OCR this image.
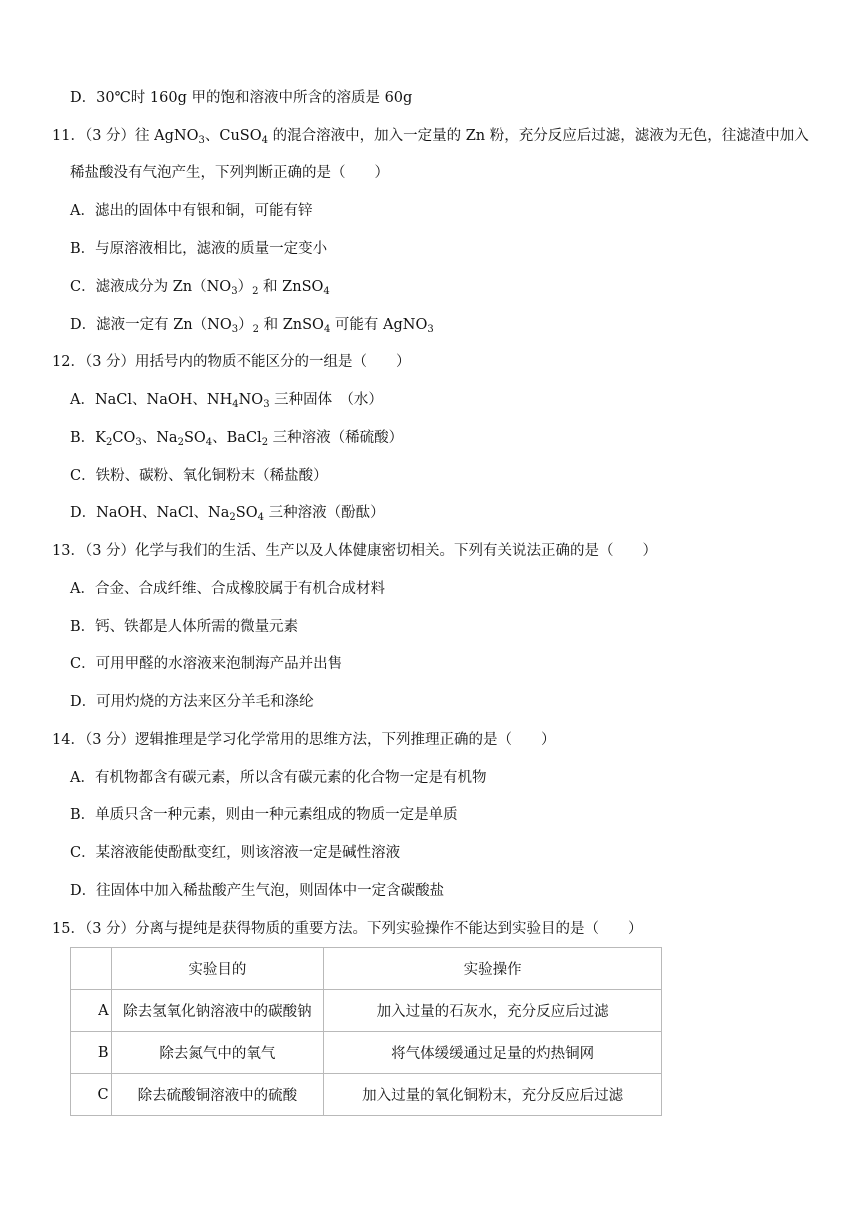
D．30℃时 160g 甲的饱和溶液中所含的溶质是 60g
11．（3 分）往 AgNO$_3$、CuSO$_4$ 的混合溶液中，加入一定量的 Zn 粉，充分反应后过滤，滤液为无色，往滤渣中加入
稀盐酸没有气泡产生，下列判断正确的是（　　）
A．滤出的固体中有银和铜，可能有锌
B．与原溶液相比，滤液的质量一定变小
C．滤液成分为 $Zn(NO_3)_2$ 和 ZnSO$_4$
D．滤液一定有 $Zn(NO_3)_2$ 和 ZnSO$_4$ 可能有 AgNO$_3$
12．（3 分）用括号内的物质不能区分的一组是（　　）
A．NaCl、NaOH、$NH_4NO_3$ 三种固体　（水）
B．$K_2CO_3$、$Na_2SO_4$、BaCl$_2$ 三种溶液（稀硫酸）
C．铁粉、碳粉、氧化铜粉末（稀盐酸）
D．NaOH、NaCl、$Na_2SO_4$ 三种溶液（酚酞）
13．（3 分）化学与我们的生活、生产以及人体健康密切相关。下列有关说法正确的是（　　）
A．合金、合成纤维、合成橡胶属于有机合成材料
B．钙、铁都是人体所需的微量元素
C．可用甲醛的水溶液来泡制海产品并出售
D．可用灼烧的方法来区分羊毛和涤纶
14．（3 分）逻辑推理是学习化学常用的思维方法，下列推理正确的是（　　）
A．有机物都含有碳元素，所以含有碳元素的化合物一定是有机物
B．单质只含一种元素，则由一种元素组成的物质一定是单质
C．某溶液能使酚酞变红，则该溶液一定是碱性溶液
D．往固体中加入稀盐酸产生气泡，则固体中一定含碳酸盐
15．（3 分）分离与提纯是获得物质的重要方法。下列实验操作不能达到实验目的是（　　）
	实验目的	实验操作
A	除去氢氧化钠溶液中的碳酸钠	加入过量的石灰水，充分反应后过滤
B	除去氮气中的氧气	将气体缓缓通过足量的灼热铜网
C	除去硫酸铜溶液中的硫酸	加入过量的氧化铜粉末，充分反应后过滤
